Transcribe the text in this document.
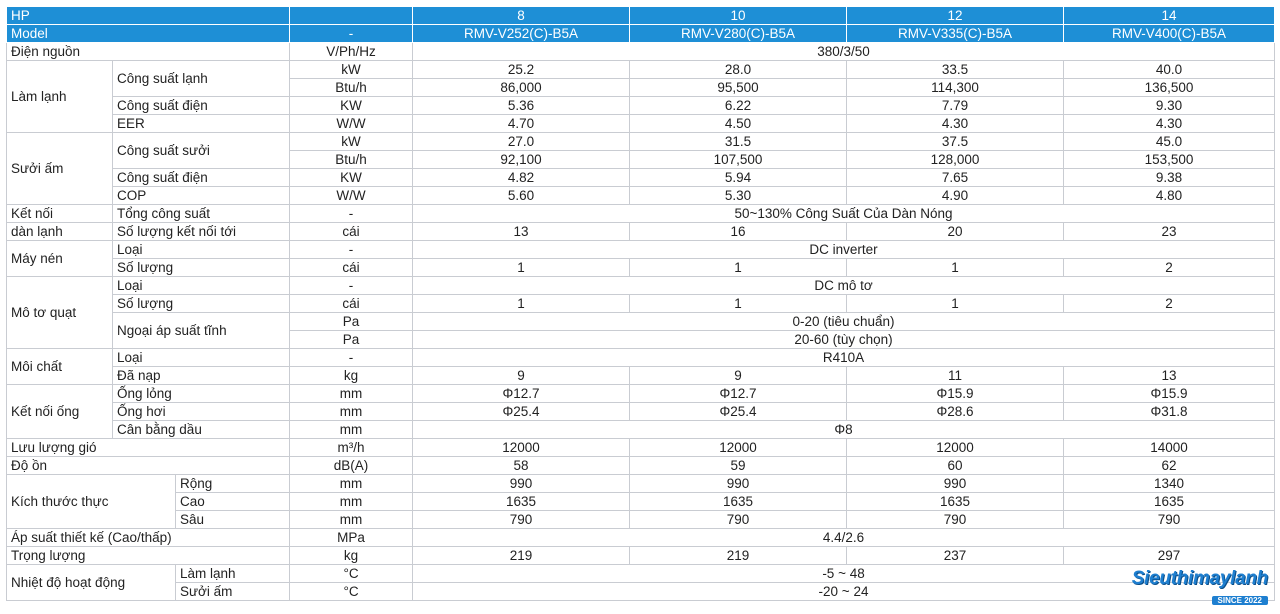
HP				8	10	12	14
Model			-	RMV-V252(C)-B5A	RMV-V280(C)-B5A	RMV-V335(C)-B5A	RMV-V400(C)-B5A
Điện nguồn			V/Ph/Hz	380/3/50			
Làm lạnh	Công suất lạnh		kW	25.2	28.0	33.5	40.0
			Btu/h	86,000	95,500	114,300	136,500
	Công suất điện		KW	5.36	6.22	7.79	9.30
	EER		W/W	4.70	4.50	4.30	4.30
Sưởi ấm	Công suất sưởi		kW	27.0	31.5	37.5	45.0
			Btu/h	92,100	107,500	128,000	153,500
	Công suất điện		KW	4.82	5.94	7.65	9.38
	COP		W/W	5.60	5.30	4.90	4.80
Kết nối	Tổng công suất		-	50~130% Công Suất Của Dàn Nóng			
dàn lạnh	Số lượng kết nối tới		cái	13	16	20	23
Máy nén	Loại		-	DC inverter			
	Số lượng		cái	1	1	1	2
Mô tơ quạt	Loại		-	DC mô tơ			
	Số lượng		cái	1	1	1	2
	Ngoại áp suất tĩnh		Pa	0-20 (tiêu chuẩn)			
			Pa	20-60 (tùy chọn)			
Môi chất	Loại		-	R410A			
	Đã nạp		kg	9	9	11	13
Kết nối ống	Ống lỏng		mm	Φ12.7	Φ12.7	Φ15.9	Φ15.9
	Ống hơi		mm	Φ25.4	Φ25.4	Φ28.6	Φ31.8
	Cân bằng dầu		mm	Φ8			
Lưu lượng gió			m³/h	12000	12000	12000	14000
Độ ồn			dB(A)	58	59	60	62
Kích thước thực		Rộng	mm	990	990	990	1340
		Cao	mm	1635	1635	1635	1635
		Sâu	mm	790	790	790	790
Áp suất thiết kế (Cao/thấp)			MPa	4.4/2.6			
Trọng lượng			kg	219	219	237	297
Nhiệt độ hoạt động		Làm lạnh	°C	-5 ~ 48			
		Sưởi ấm	°C	-20 ~ 24			
Sieuthimaylanh
SINCE 2022
